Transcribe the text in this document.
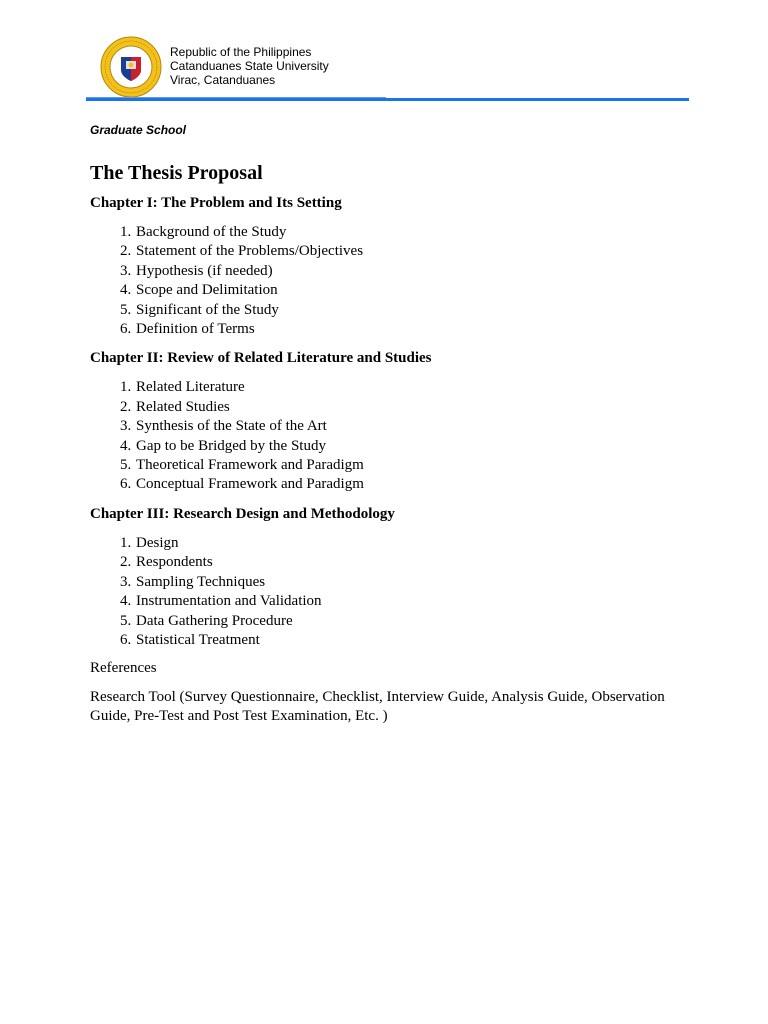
Republic of the Philippines
Catanduanes State University
Virac, Catanduanes
Graduate School
The Thesis Proposal
Chapter I: The Problem and Its Setting
1. Background of the Study
2. Statement of the Problems/Objectives
3. Hypothesis (if needed)
4. Scope and Delimitation
5. Significant of the Study
6. Definition of Terms
Chapter II: Review of Related Literature and Studies
1. Related Literature
2. Related Studies
3. Synthesis of the State of the Art
4. Gap to be Bridged by the Study
5. Theoretical Framework and Paradigm
6. Conceptual Framework and Paradigm
Chapter III: Research Design and Methodology
1. Design
2. Respondents
3. Sampling Techniques
4. Instrumentation and Validation
5. Data Gathering Procedure
6. Statistical Treatment

References

Research Tool (Survey Questionnaire, Checklist, Interview Guide, Analysis Guide, Observation Guide, Pre-Test and Post Test Examination, Etc. )
